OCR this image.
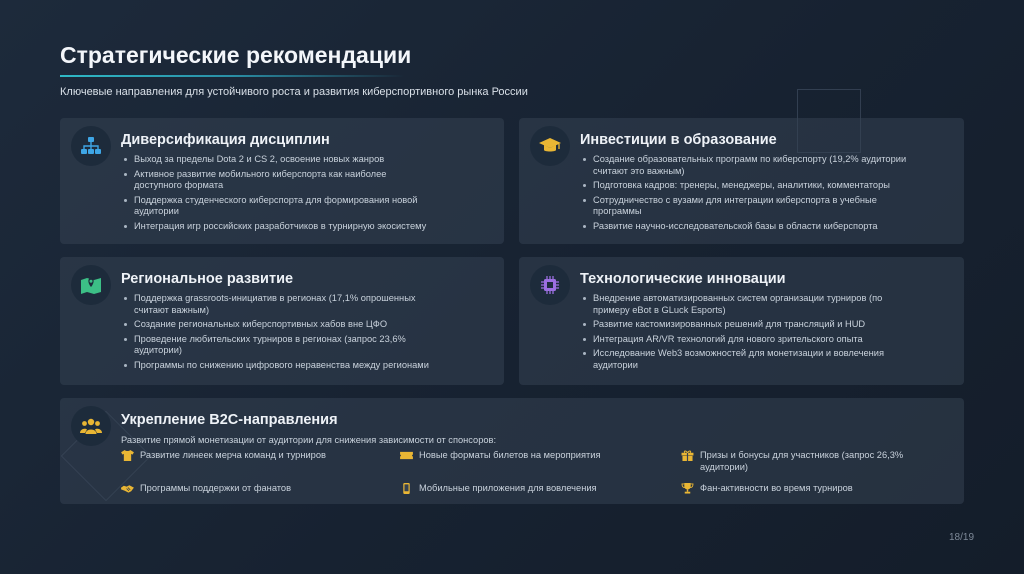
Стратегические рекомендации
Ключевые направления для устойчивого роста и развития киберспортивного рынка России
Диверсификация дисциплин
Выход за пределы Dota 2 и CS 2, освоение новых жанров
Активное развитие мобильного киберспорта как наиболее доступного формата
Поддержка студенческого киберспорта для формирования новой аудитории
Интеграция игр российских разработчиков в турнирную экосистему
Инвестиции в образование
Создание образовательных программ по киберспорту (19,2% аудитории считают это важным)
Подготовка кадров: тренеры, менеджеры, аналитики, комментаторы
Сотрудничество с вузами для интеграции киберспорта в учебные программы
Развитие научно-исследовательской базы в области киберспорта
Региональное развитие
Поддержка grassroots-инициатив в регионах (17,1% опрошенных считают важным)
Создание региональных киберспортивных хабов вне ЦФО
Проведение любительских турниров в регионах (запрос 23,6% аудитории)
Программы по снижению цифрового неравенства между регионами
Технологические инновации
Внедрение автоматизированных систем организации турниров (по примеру eBot в GLuck Esports)
Развитие кастомизированных решений для трансляций и HUD
Интеграция AR/VR технологий для нового зрительского опыта
Исследование Web3 возможностей для монетизации и вовлечения аудитории
Укрепление B2C-направления
Развитие прямой монетизации от аудитории для снижения зависимости от спонсоров:
Развитие линеек мерча команд и турниров	Новые форматы билетов на мероприятия	Призы и бонусы для участников (запрос 26,3% аудитории)
Программы поддержки от фанатов	Мобильные приложения для вовлечения	Фан-активности во время турниров
18/19
